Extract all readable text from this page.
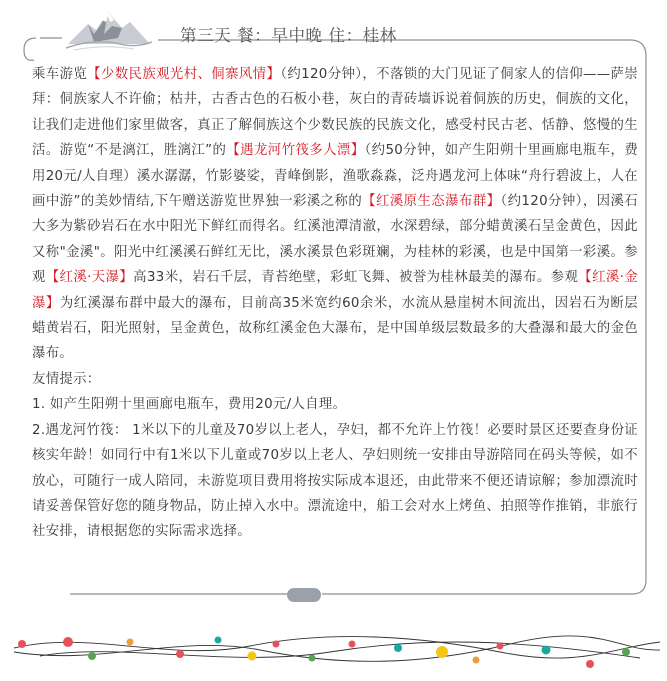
第三天 餐：早中晚 住：桂林

乘车游览【少数民族观光村、侗寨风情】（约120分钟），不落锁的大门见证了侗家人的信仰——萨崇拜：侗族家人不许偷；枯井，古香古色的石板小巷，灰白的青砖墙诉说着侗族的历史，侗族的文化，让我们走进他们家里做客，真正了解侗族这个少数民族的民族文化，感受村民古老、恬静、悠慢的生活。游览“不是漓江，胜漓江”的【遇龙河竹筏多人漂】（约50分钟，如产生阳朔十里画廊电瓶车，费用20元/人自理）溪水潺潺，竹影婆娑，青峰倒影，渔歌淼淼，泛舟遇龙河上体味“舟行碧波上，人在画中游”的美妙情结,下午赠送游览世界独一彩溪之称的【红溪原生态瀑布群】（约120分钟），因溪石大多为紫砂岩石在水中阳光下鲜红而得名。红溪池潭清澈，水深碧绿，部分蜡黄溪石呈金黄色，因此又称"金溪"。阳光中红溪溪石鲜红无比，溪水溪景色彩斑斓，为桂林的彩溪，也是中国第一彩溪。参观【红溪·天瀑】高33米，岩石千层，青苔绝壁，彩虹飞舞、被誉为桂林最美的瀑布。参观【红溪·金瀑】为红溪瀑布群中最大的瀑布，目前高35米宽约60余米，水流从悬崖树木间流出，因岩石为断层蜡黄岩石，阳光照射，呈金黄色，故称红溪金色大瀑布，是中国单级层数最多的大叠瀑和最大的金色瀑布。

友情提示：

1. 如产生阳朔十里画廊电瓶车，费用20元/人自理。

2.遇龙河竹筏： 1米以下的儿童及70岁以上老人，孕妇，都不允许上竹筏！必要时景区还要查身份证核实年龄！如同行中有1米以下儿童或70岁以上老人、孕妇则统一安排由导游陪同在码头等候，如不放心，可随行一成人陪同，未游览项目费用将按实际成本退还，由此带来不便还请谅解；参加漂流时请妥善保管好您的随身物品，防止掉入水中。漂流途中，船工会对水上烤鱼、拍照等作推销，非旅行社安排，请根据您的实际需求选择。
